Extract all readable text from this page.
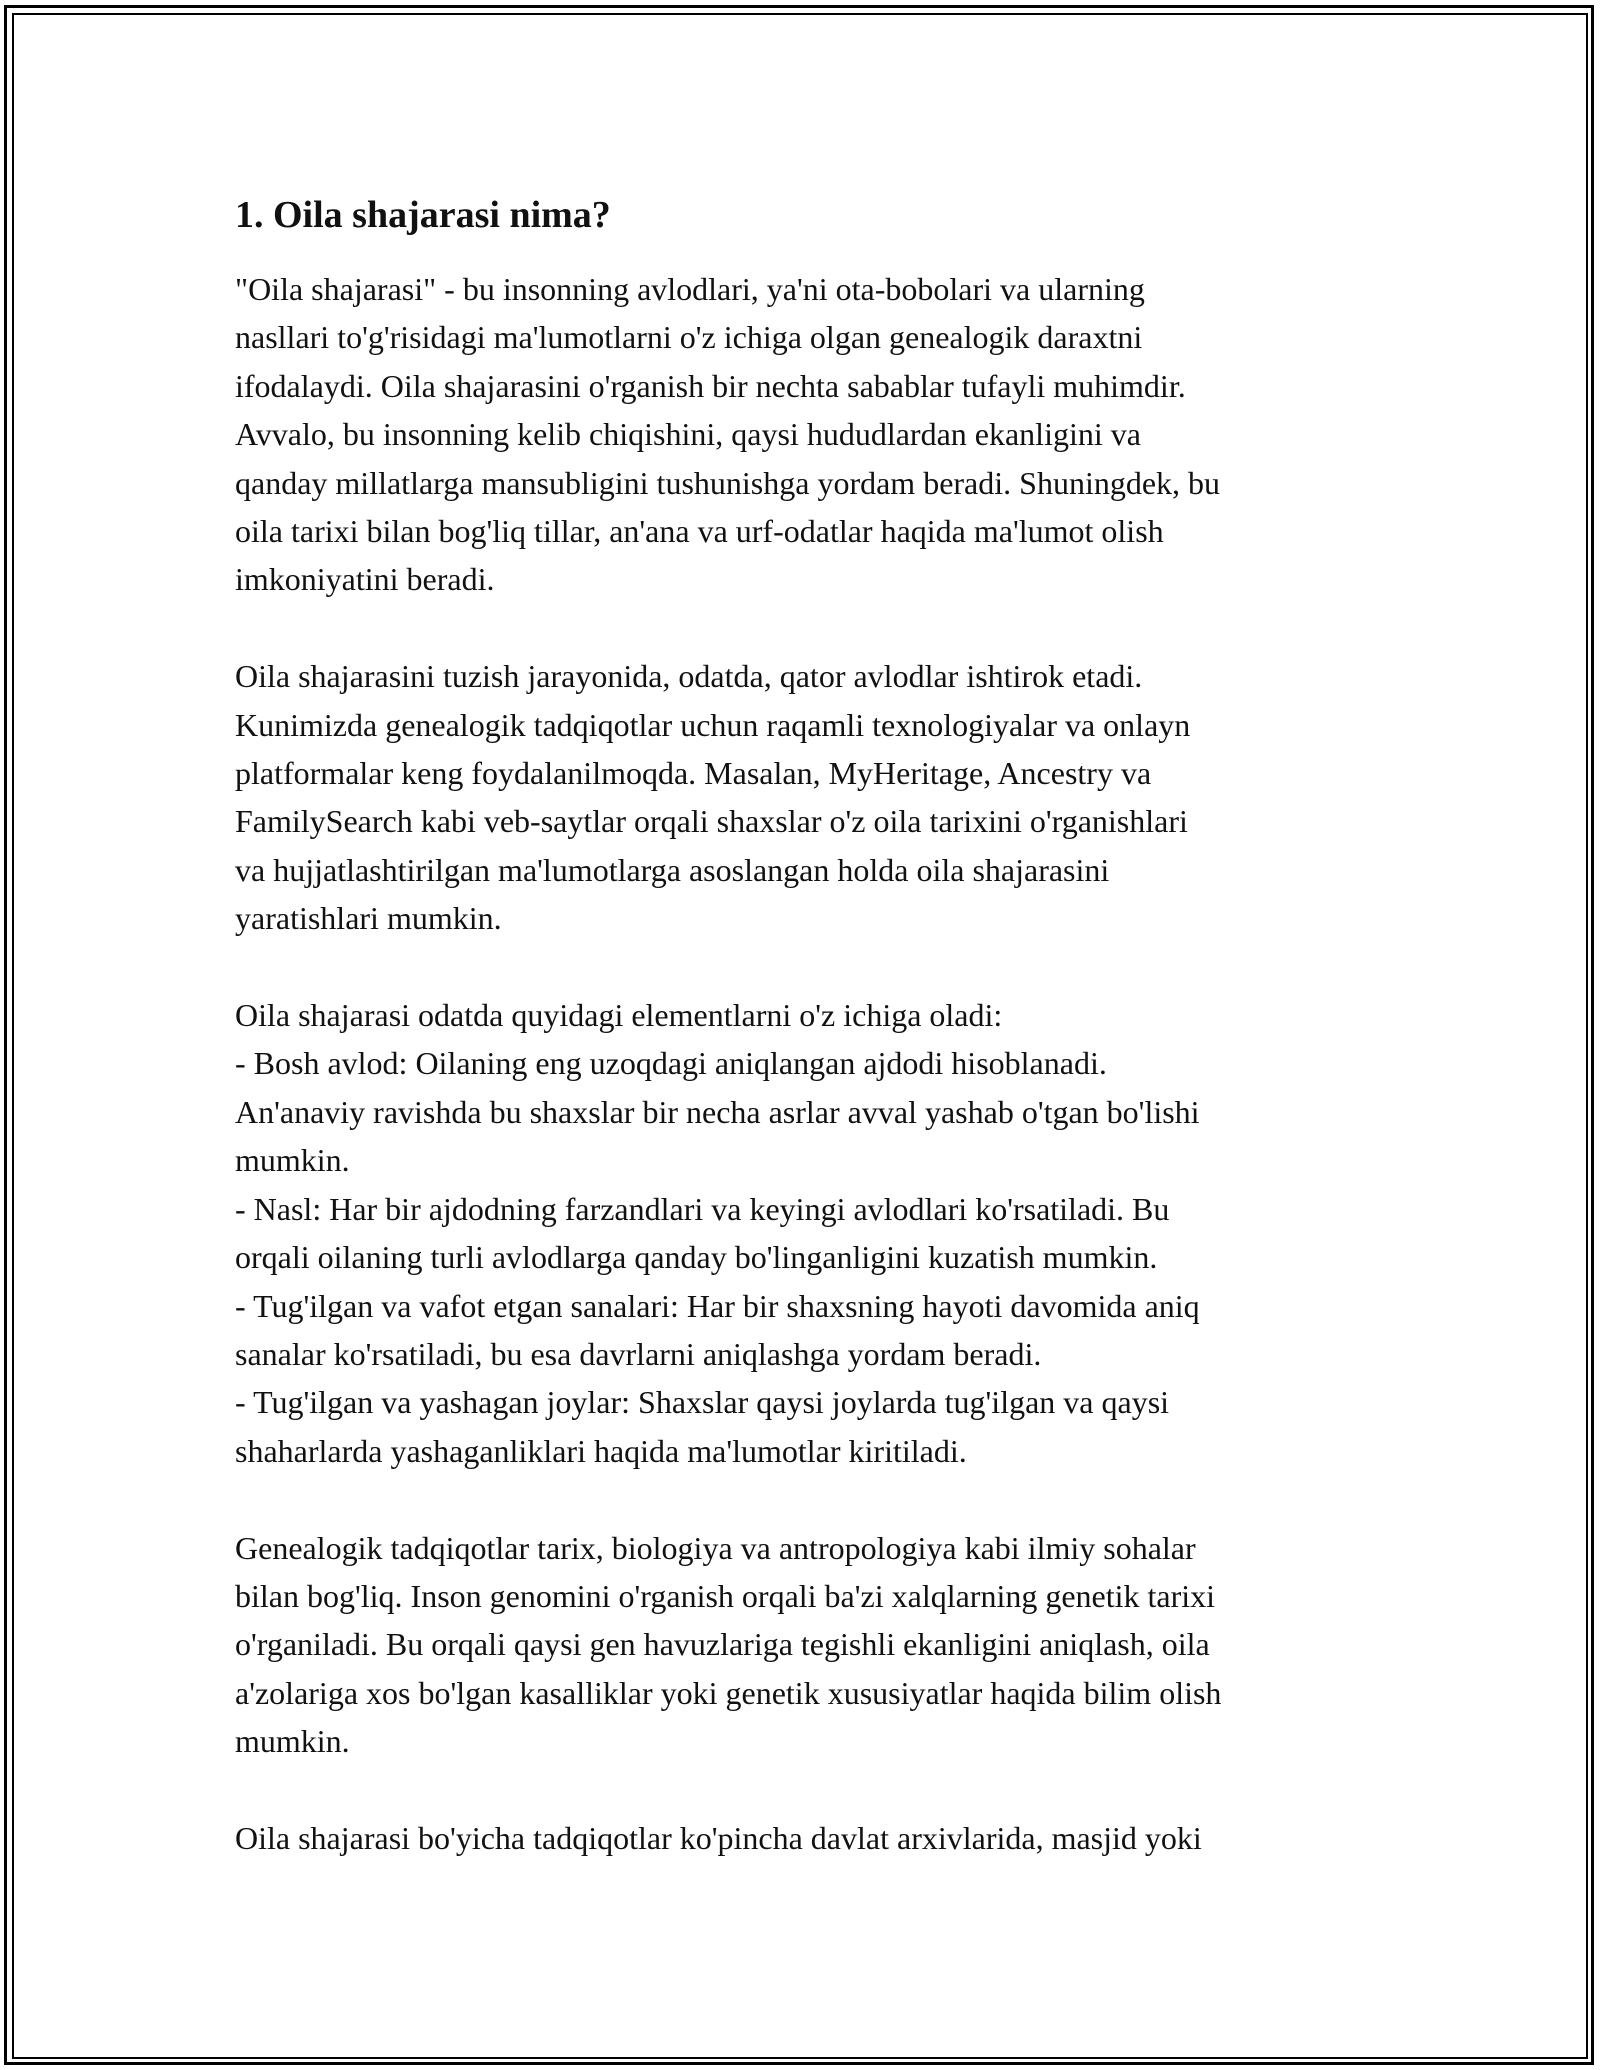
1. Oila shajarasi nima?

"Oila shajarasi" - bu insonning avlodlari, ya'ni ota-bobolari va ularning
nasllari to'g'risidagi ma'lumotlarni o'z ichiga olgan genealogik daraxtni
ifodalaydi. Oila shajarasini o'rganish bir nechta sabablar tufayli muhimdir.
Avvalo, bu insonning kelib chiqishini, qaysi hududlardan ekanligini va
qanday millatlarga mansubligini tushunishga yordam beradi. Shuningdek, bu
oila tarixi bilan bog'liq tillar, an'ana va urf-odatlar haqida ma'lumot olish
imkoniyatini beradi.

Oila shajarasini tuzish jarayonida, odatda, qator avlodlar ishtirok etadi.
Kunimizda genealogik tadqiqotlar uchun raqamli texnologiyalar va onlayn
platformalar keng foydalanilmoqda. Masalan, MyHeritage, Ancestry va
FamilySearch kabi veb-saytlar orqali shaxslar o'z oila tarixini o'rganishlari
va hujjatlashtirilgan ma'lumotlarga asoslangan holda oila shajarasini
yaratishlari mumkin.

Oila shajarasi odatda quyidagi elementlarni o'z ichiga oladi:
- Bosh avlod: Oilaning eng uzoqdagi aniqlangan ajdodi hisoblanadi.
An'anaviy ravishda bu shaxslar bir necha asrlar avval yashab o'tgan bo'lishi
mumkin.
- Nasl: Har bir ajdodning farzandlari va keyingi avlodlari ko'rsatiladi. Bu
orqali oilaning turli avlodlarga qanday bo'linganligini kuzatish mumkin.
- Tug'ilgan va vafot etgan sanalari: Har bir shaxsning hayoti davomida aniq
sanalar ko'rsatiladi, bu esa davrlarni aniqlashga yordam beradi.
- Tug'ilgan va yashagan joylar: Shaxslar qaysi joylarda tug'ilgan va qaysi
shaharlarda yashaganliklari haqida ma'lumotlar kiritiladi.

Genealogik tadqiqotlar tarix, biologiya va antropologiya kabi ilmiy sohalar
bilan bog'liq. Inson genomini o'rganish orqali ba'zi xalqlarning genetik tarixi
o'rganiladi. Bu orqali qaysi gen havuzlariga tegishli ekanligini aniqlash, oila
a'zolariga xos bo'lgan kasalliklar yoki genetik xususiyatlar haqida bilim olish
mumkin.

Oila shajarasi bo'yicha tadqiqotlar ko'pincha davlat arxivlarida, masjid yoki
